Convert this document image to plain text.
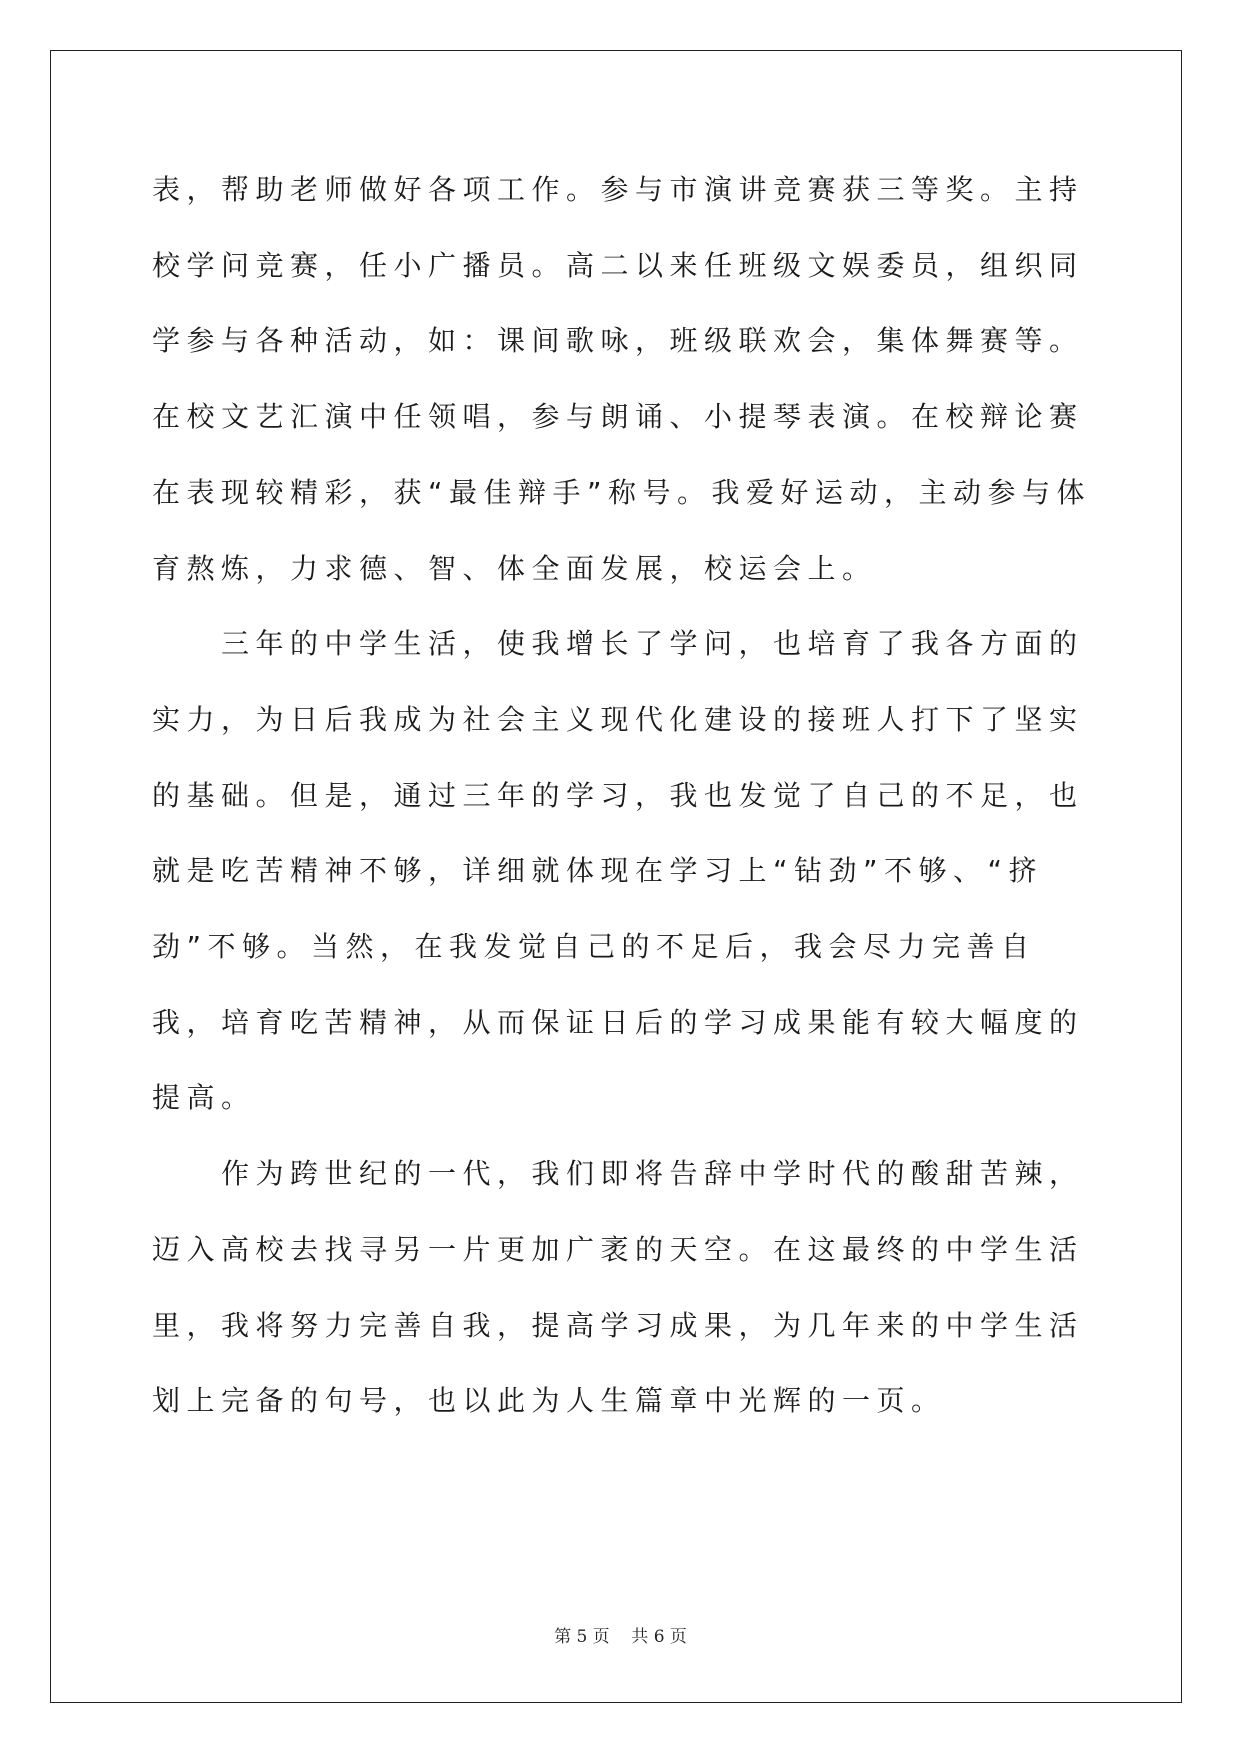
表，帮助老师做好各项工作。参与市演讲竞赛获三等奖。主持校学问竞赛，任小广播员。高二以来任班级文娱委员，组织同学参与各种活动，如：课间歌咏，班级联欢会，集体舞赛等。在校文艺汇演中任领唱，参与朗诵、小提琴表演。在校辩论赛在表现较精彩，获“最佳辩手”称号。我爱好运动，主动参与体育熬炼，力求德、智、体全面发展，校运会上。

三年的中学生活，使我增长了学问，也培育了我各方面的实力，为日后我成为社会主义现代化建设的接班人打下了坚实的基础。但是，通过三年的学习，我也发觉了自己的不足，也就是吃苦精神不够，详细就体现在学习上“钻劲”不够、“挤劲”不够。当然，在我发觉自己的不足后，我会尽力完善自我，培育吃苦精神，从而保证日后的学习成果能有较大幅度的提高。

作为跨世纪的一代，我们即将告辞中学时代的酸甜苦辣，迈入高校去找寻另一片更加广袤的天空。在这最终的中学生活里，我将努力完善自我，提高学习成果，为几年来的中学生活划上完备的句号，也以此为人生篇章中光辉的一页。

第 5 页    共 6 页
